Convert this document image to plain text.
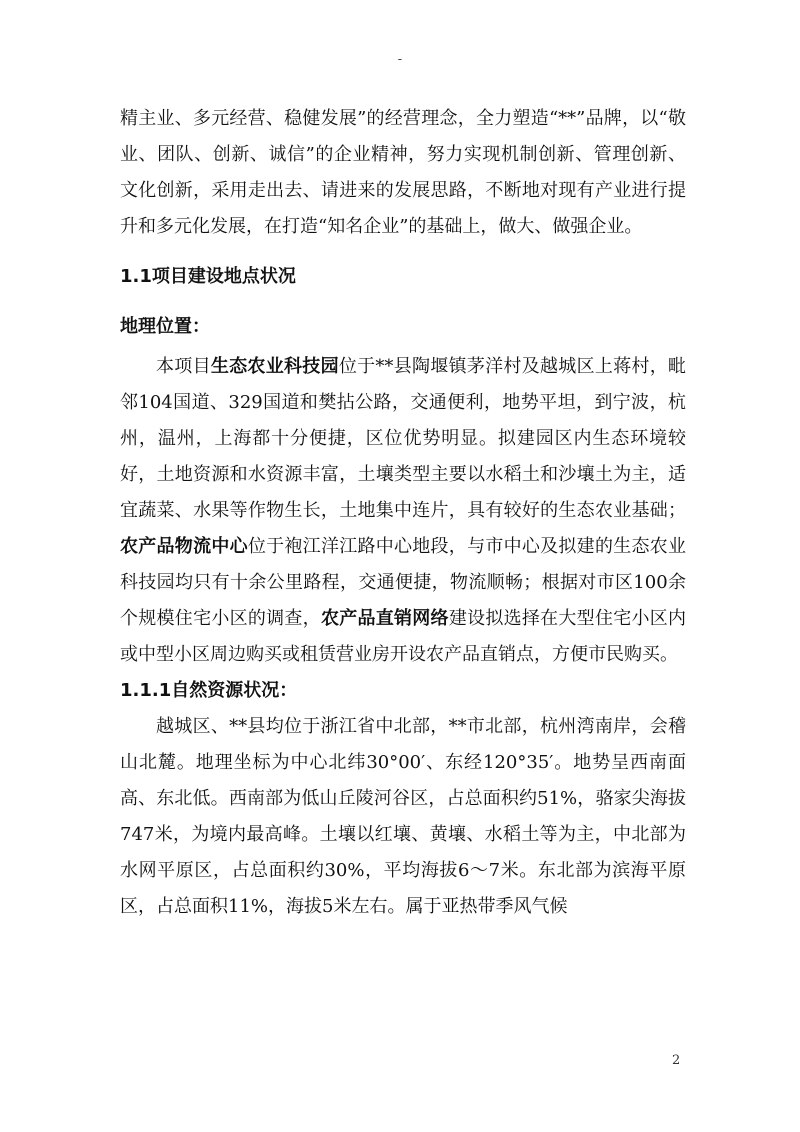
-

精主业、多元经营、稳健发展”的经营理念，全力塑造“**”品牌，以“敬业、团队、创新、诚信”的企业精神，努力实现机制创新、管理创新、文化创新，采用走出去、请进来的发展思路，不断地对现有产业进行提升和多元化发展，在打造“知名企业”的基础上，做大、做强企业。

1.1项目建设地点状况
地理位置：

本项目生态农业科技园位于**县陶堰镇茅洋村及越城区上蒋村，毗邻104国道、329国道和樊拈公路，交通便利，地势平坦，到宁波，杭州，温州，上海都十分便捷，区位优势明显。拟建园区内生态环境较好，土地资源和水资源丰富，土壤类型主要以水稻土和沙壤土为主，适宜蔬菜、水果等作物生长，土地集中连片，具有较好的生态农业基础；农产品物流中心位于袍江洋江路中心地段，与市中心及拟建的生态农业科技园均只有十余公里路程，交通便捷，物流顺畅；根据对市区100余个规模住宅小区的调查，农产品直销网络建设拟选择在大型住宅小区内或中型小区周边购买或租赁营业房开设农产品直销点，方便市民购买。

1.1.1自然资源状况：

越城区、**县均位于浙江省中北部，**市北部，杭州湾南岸，会稽山北麓。地理坐标为中心北纬30°00′、东经120°35′。地势呈西南面高、东北低。西南部为低山丘陵河谷区，占总面积约51%，骆家尖海拔747米，为境内最高峰。土壤以红壤、黄壤、水稻土等为主，中北部为水网平原区，占总面积约30%，平均海拔6～7米。东北部为滨海平原区，占总面积11%，海拔5米左右。属于亚热带季风气候

2
